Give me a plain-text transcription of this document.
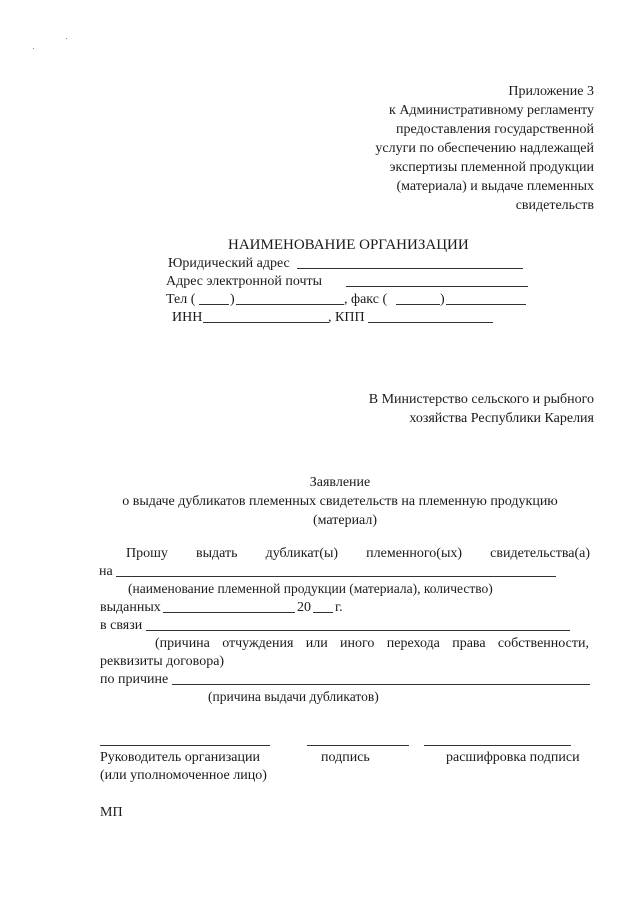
Приложение 3
к Административному регламенту
предоставления государственной
услуги по обеспечению надлежащей
экспертизы племенной продукции
(материала) и выдаче племенных
свидетельств
НАИМЕНОВАНИЕ ОРГАНИЗАЦИИ
Юридический адрес
Адрес электронной почты
Тел ( )	, факс (	)
ИНН	, КПП
В Министерство сельского и рыбного
хозяйства Республики Карелия
Заявление
о выдаче дубликатов племенных свидетельств на племенную продукцию
(материал)
Прошу выдать дубликат(ы) племенного(ых) свидетельства(а)
на
(наименование племенной продукции (материала), количество)
выданных	20 г.
в связи
(причина отчуждения или иного перехода права собственности,
реквизиты договора)
по причине
(причина выдачи дубликатов)
Руководитель организации	подпись	расшифровка подписи
(или уполномоченное лицо)
МП
